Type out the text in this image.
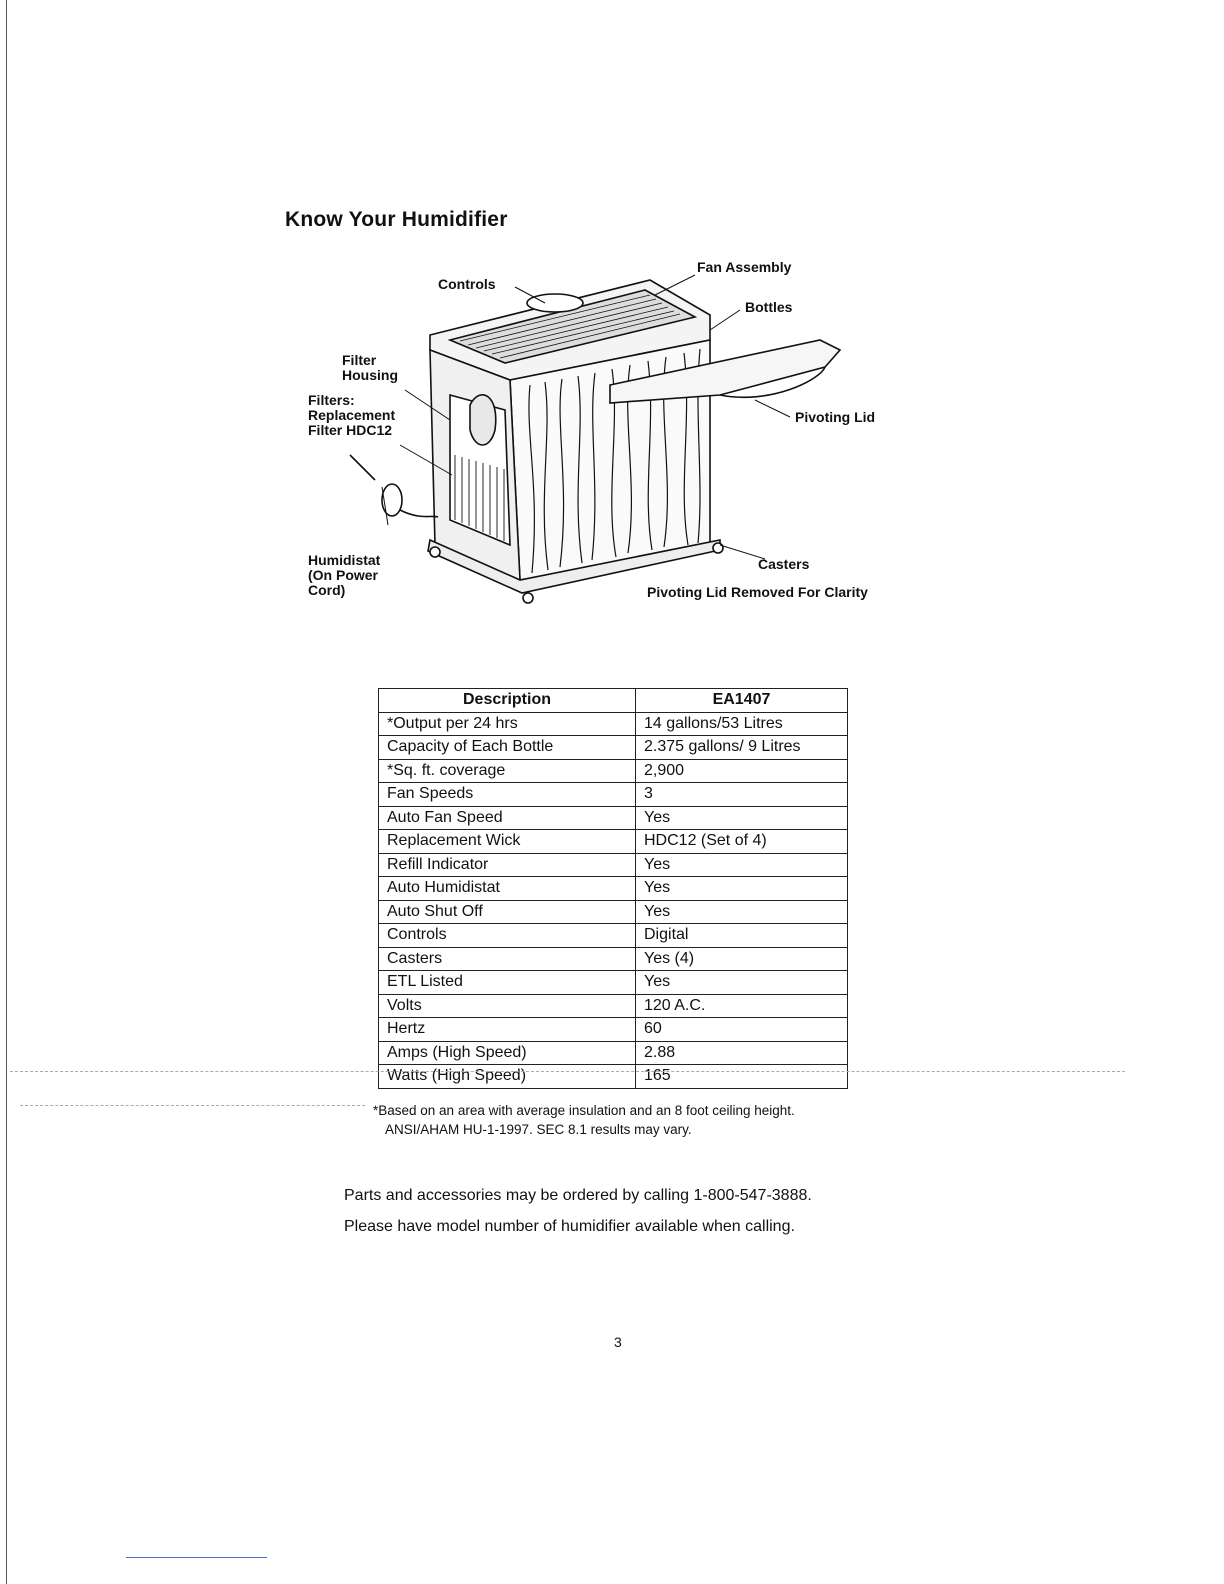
Know Your Humidifier
Controls
Fan Assembly
Bottles
Filter
Housing
Filters:
Replacement
Filter HDC12
Pivoting Lid
Humidistat
(On Power
Cord)
Casters
Pivoting Lid Removed For Clarity
Description	EA1407
*Output per 24 hrs	14 gallons/53 Litres
Capacity of Each Bottle	2.375 gallons/ 9 Litres
*Sq. ft. coverage	2,900
Fan Speeds	3
Auto Fan Speed	Yes
Replacement Wick	HDC12 (Set of 4)
Refill Indicator	Yes
Auto Humidistat	Yes
Auto Shut Off	Yes
Controls	Digital
Casters	Yes (4)
ETL Listed	Yes
Volts	120 A.C.
Hertz	60
Amps (High Speed)	2.88
Watts (High Speed)	165
*Based on an area with average insulation and an 8 foot ceiling height.
ANSI/AHAM HU-1-1997. SEC 8.1 results may vary.
Parts and accessories may be ordered by calling 1-800-547-3888.
Please have model number of humidifier available when calling.
3
